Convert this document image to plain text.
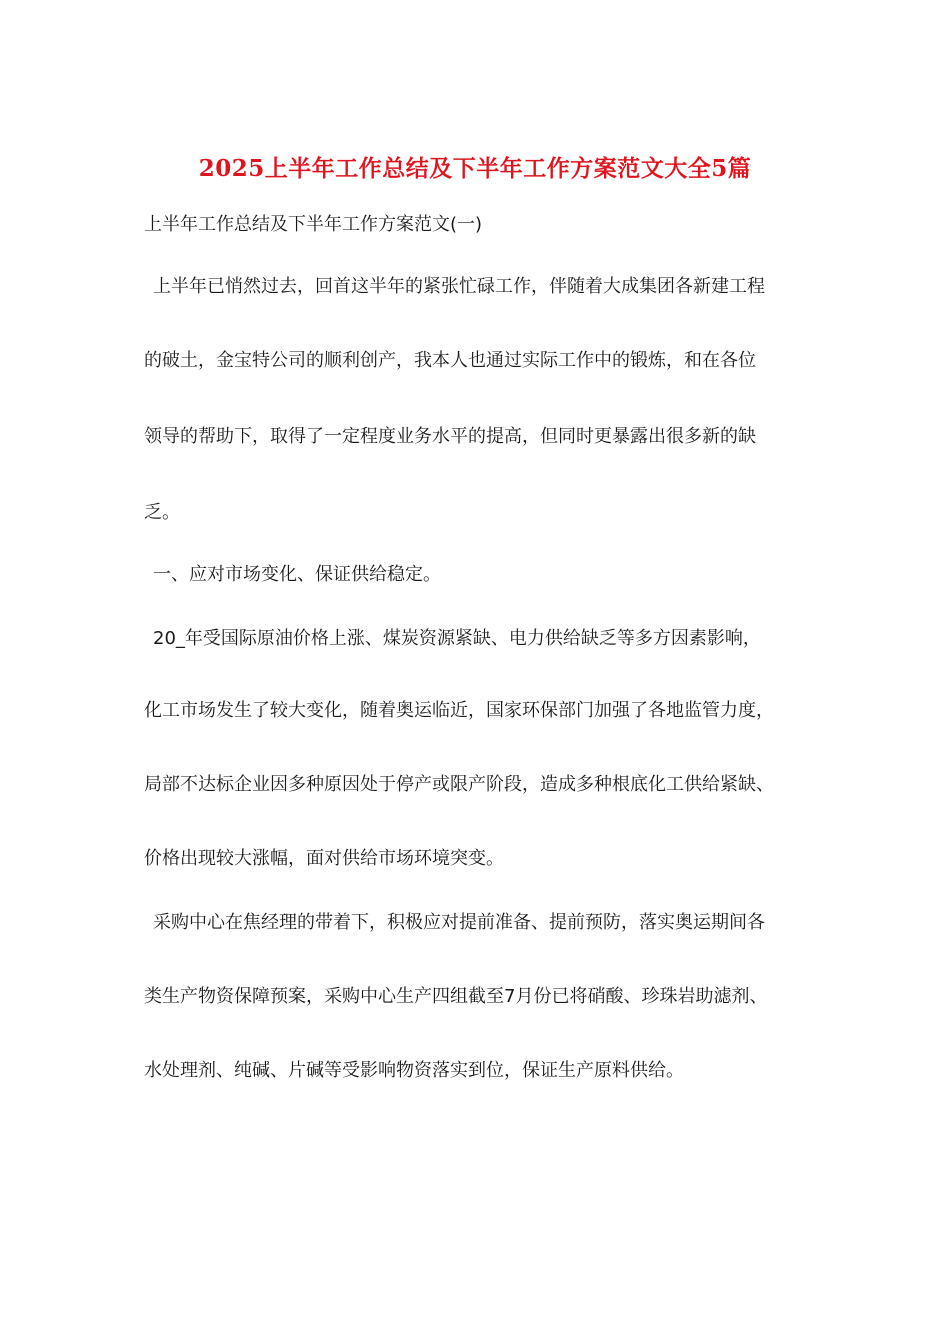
2025上半年工作总结及下半年工作方案范文大全5篇
上半年工作总结及下半年工作方案范文(一)
上半年已悄然过去，回首这半年的紧张忙碌工作，伴随着大成集团各新建工程
的破土，金宝特公司的顺利创产，我本人也通过实际工作中的锻炼，和在各位
领导的帮助下，取得了一定程度业务水平的提高，但同时更暴露出很多新的缺
乏。
一、应对市场变化、保证供给稳定。
20_年受国际原油价格上涨、煤炭资源紧缺、电力供给缺乏等多方因素影响，
化工市场发生了较大变化，随着奥运临近，国家环保部门加强了各地监管力度，
局部不达标企业因多种原因处于停产或限产阶段，造成多种根底化工供给紧缺、
价格出现较大涨幅，面对供给市场环境突变。
采购中心在焦经理的带着下，积极应对提前准备、提前预防，落实奥运期间各
类生产物资保障预案，采购中心生产四组截至7月份已将硝酸、珍珠岩助滤剂、
水处理剂、纯碱、片碱等受影响物资落实到位，保证生产原料供给。
